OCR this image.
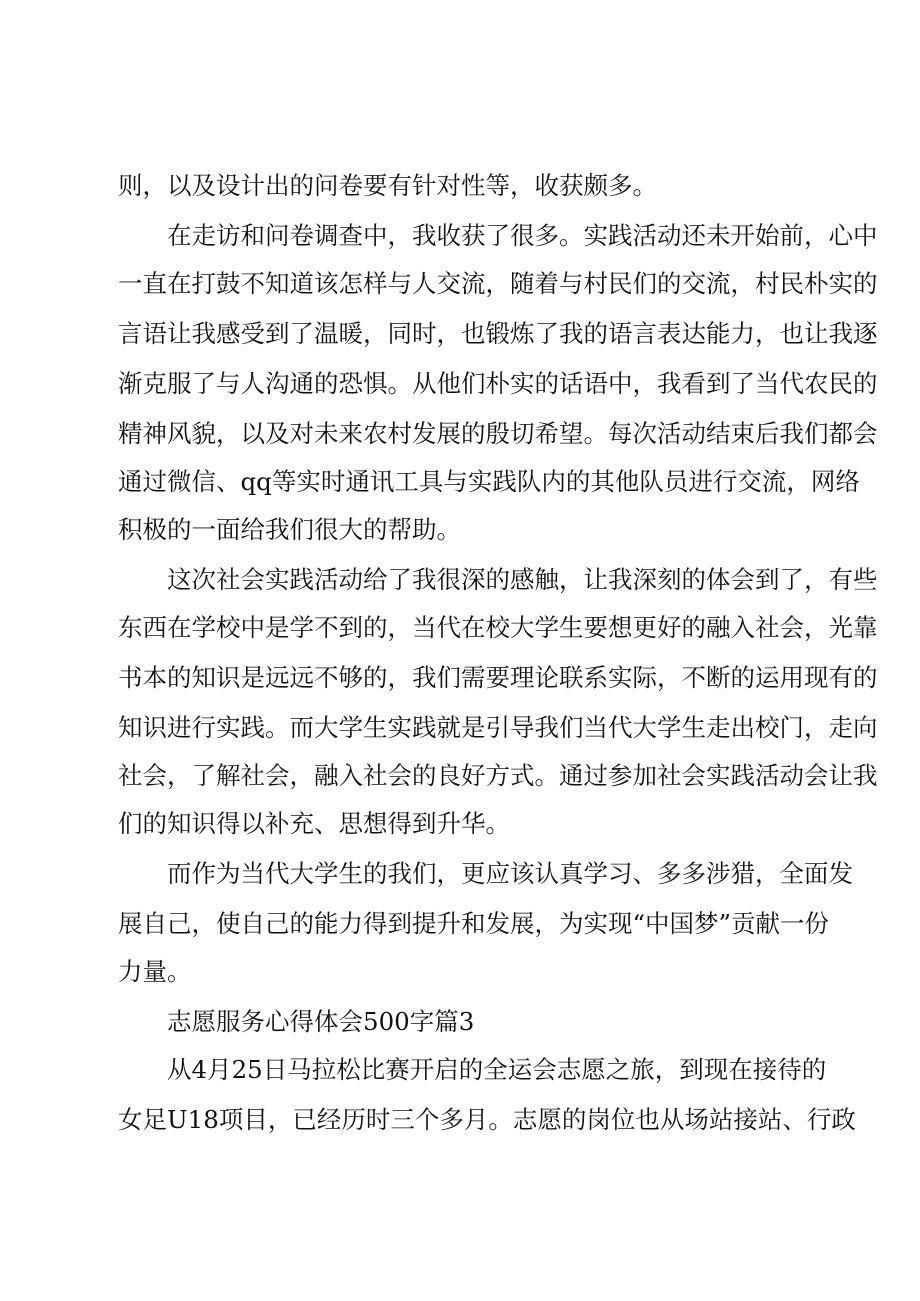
则，以及设计出的问卷要有针对性等，收获颇多。
在走访和问卷调查中，我收获了很多。实践活动还未开始前，心中
一直在打鼓不知道该怎样与人交流，随着与村民们的交流，村民朴实的
言语让我感受到了温暖，同时，也锻炼了我的语言表达能力，也让我逐
渐克服了与人沟通的恐惧。从他们朴实的话语中，我看到了当代农民的
精神风貌，以及对未来农村发展的殷切希望。每次活动结束后我们都会
通过微信、qq等实时通讯工具与实践队内的其他队员进行交流，网络
积极的一面给我们很大的帮助。
这次社会实践活动给了我很深的感触，让我深刻的体会到了，有些
东西在学校中是学不到的，当代在校大学生要想更好的融入社会，光靠
书本的知识是远远不够的，我们需要理论联系实际，不断的运用现有的
知识进行实践。而大学生实践就是引导我们当代大学生走出校门，走向
社会，了解社会，融入社会的良好方式。通过参加社会实践活动会让我
们的知识得以补充、思想得到升华。
而作为当代大学生的我们，更应该认真学习、多多涉猎，全面发
展自己，使自己的能力得到提升和发展，为实现“中国梦”贡献一份
力量。
志愿服务心得体会500字篇3
从4月25日马拉松比赛开启的全运会志愿之旅，到现在接待的
女足U18项目，已经历时三个多月。志愿的岗位也从场站接站、行政
